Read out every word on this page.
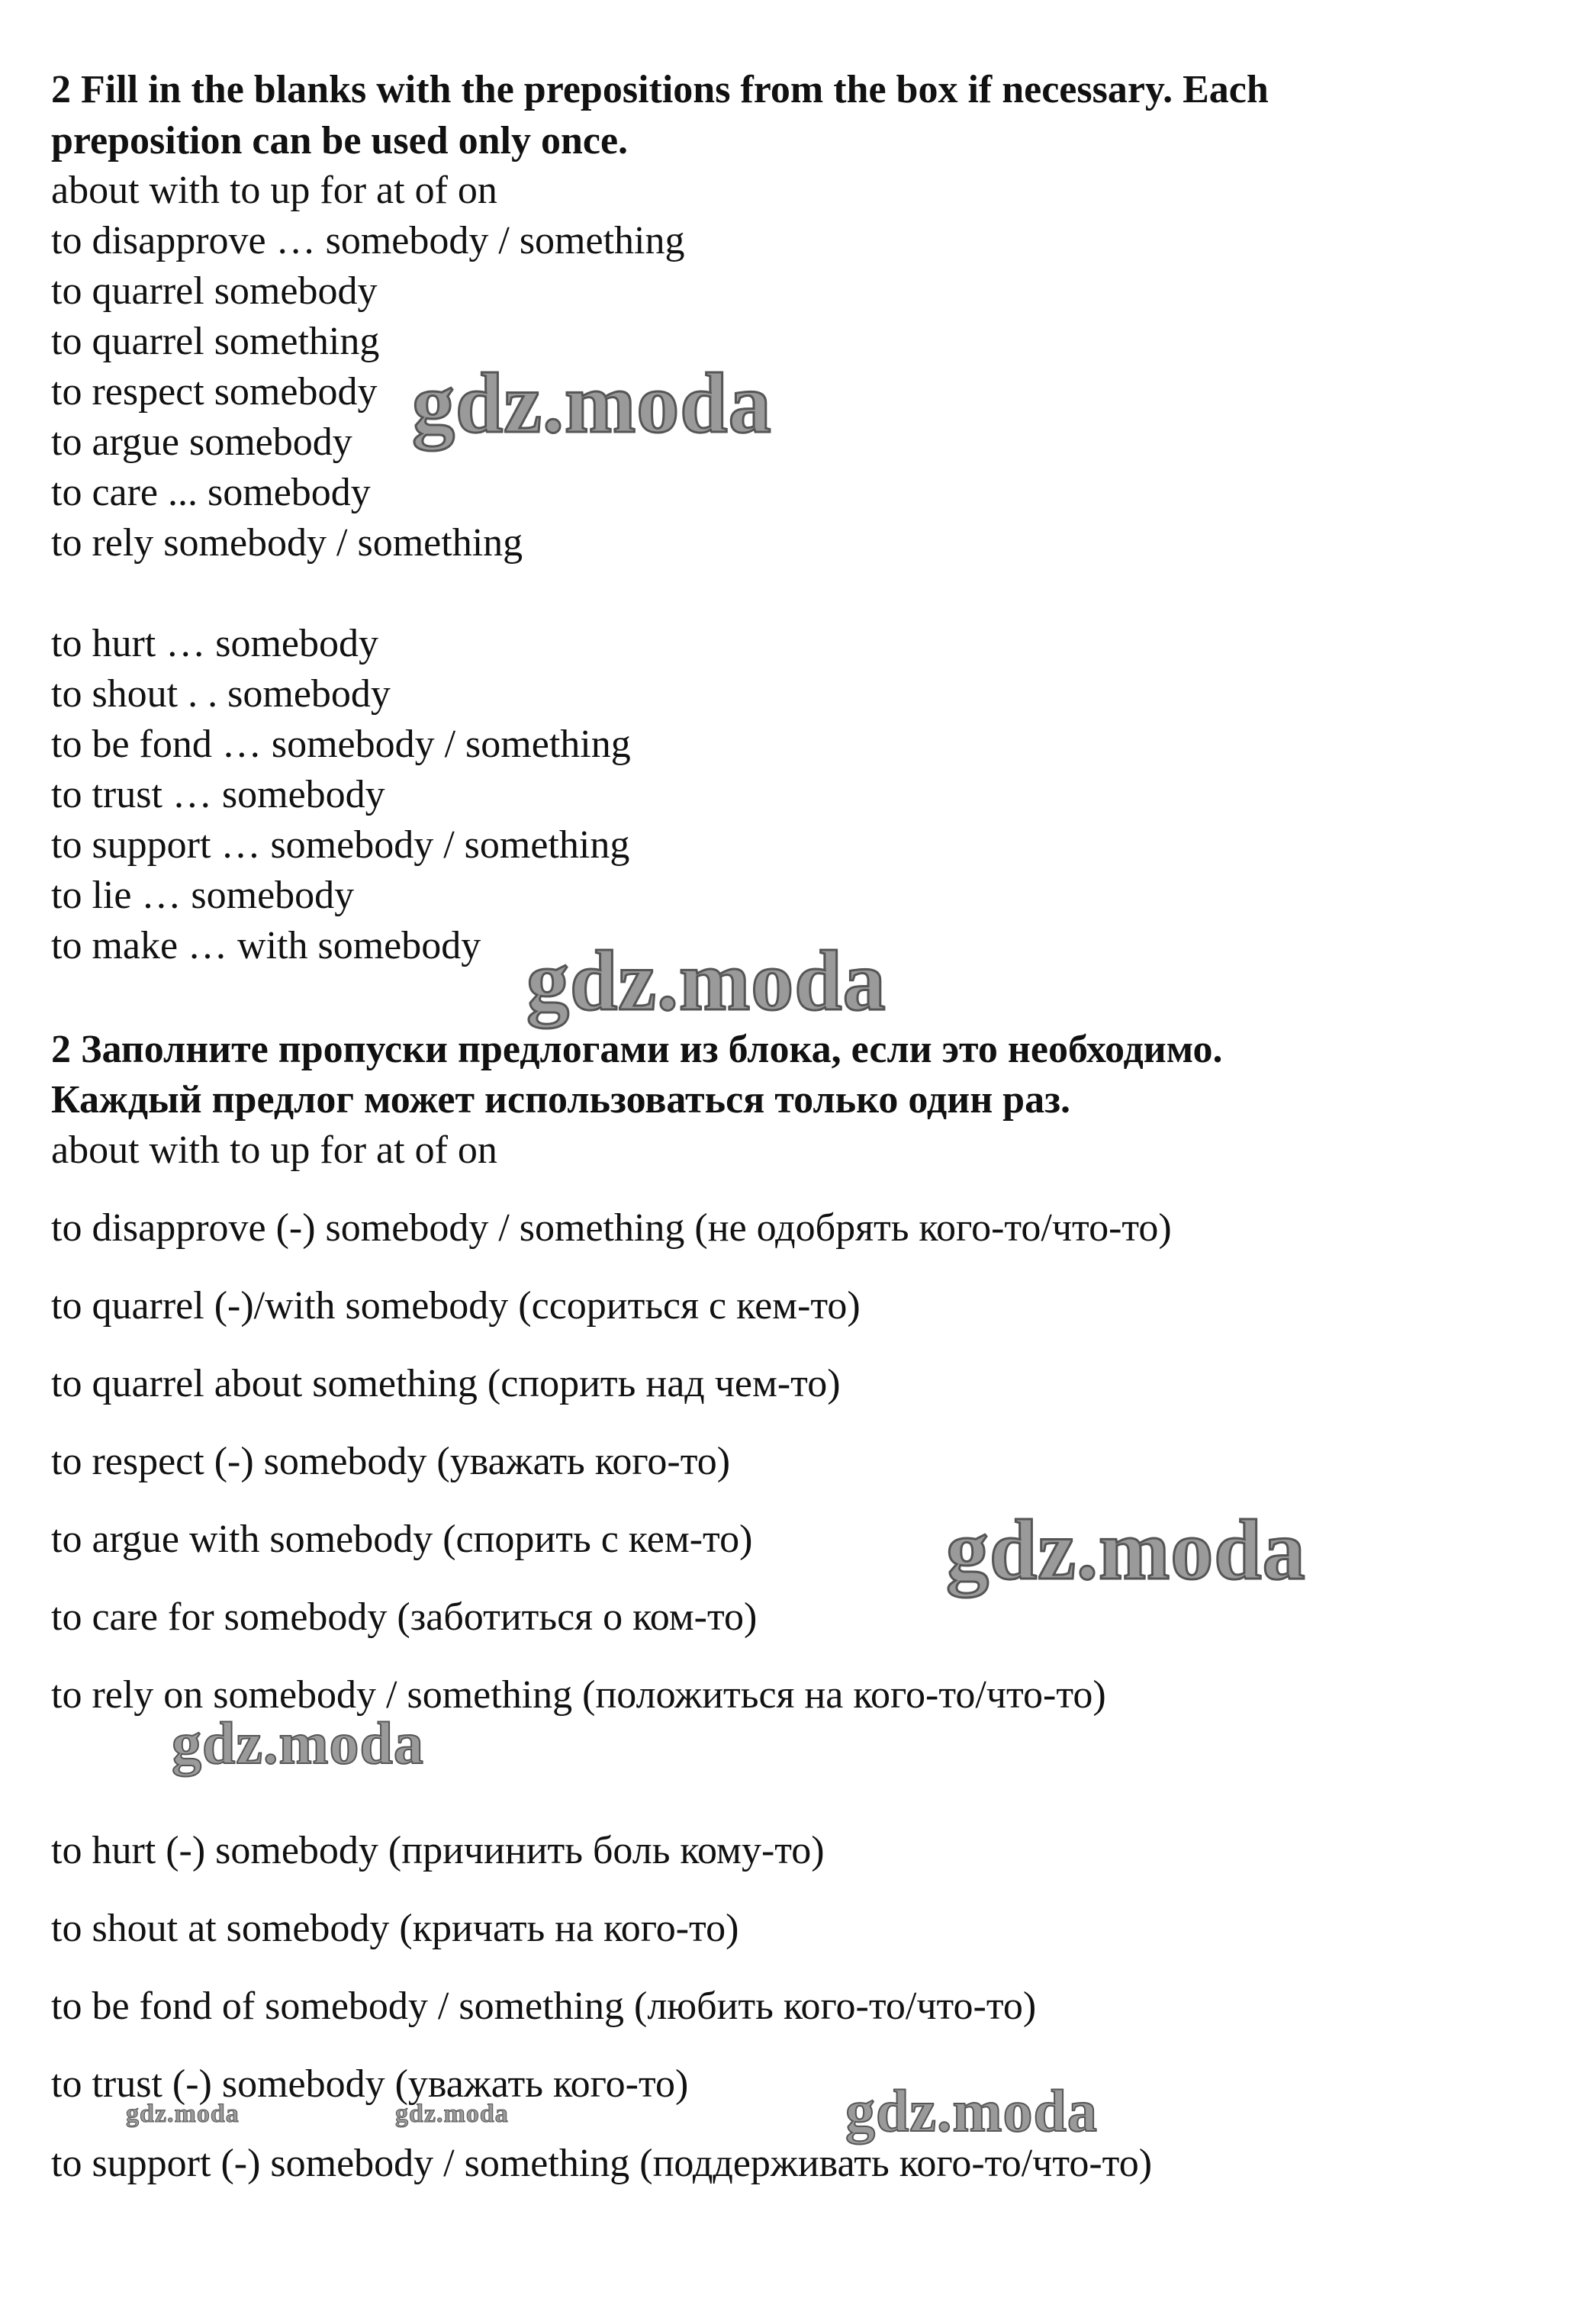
2 Fill in the blanks with the prepositions from the box if necessary. Each
preposition can be used only once.
about with to up for at of on
to disapprove … somebody / something
to quarrel somebody
to quarrel something
to respect somebody
to argue somebody
to care ... somebody
to rely somebody / something
to hurt … somebody
to shout . . somebody
to be fond … somebody / something
to trust … somebody
to support … somebody / something
to lie … somebody
to make … with somebody
2 Заполните пропуски предлогами из блока, если это необходимо.
Каждый предлог может использоваться только один раз.
about with to up for at of on
to disapprove (-) somebody / something (не одобрять кого-то/что-то)
to quarrel (-)/with somebody (ссориться с кем-то)
to quarrel about something (спорить над чем-то)
to respect (-) somebody (уважать кого-то)
to argue with somebody (спорить с кем-то)
to care for somebody (заботиться о ком-то)
to rely on somebody / something (положиться на кого-то/что-то)
to hurt (-) somebody (причинить боль кому-то)
to shout at somebody (кричать на кого-то)
to be fond of somebody / something (любить кого-то/что-то)
to trust (-) somebody (уважать кого-то)
to support (-) somebody / something (поддерживать кого-то/что-то)
gdz.moda
gdz.moda
gdz.moda
gdz.moda
gdz.moda
gdz.moda	gdz.moda
